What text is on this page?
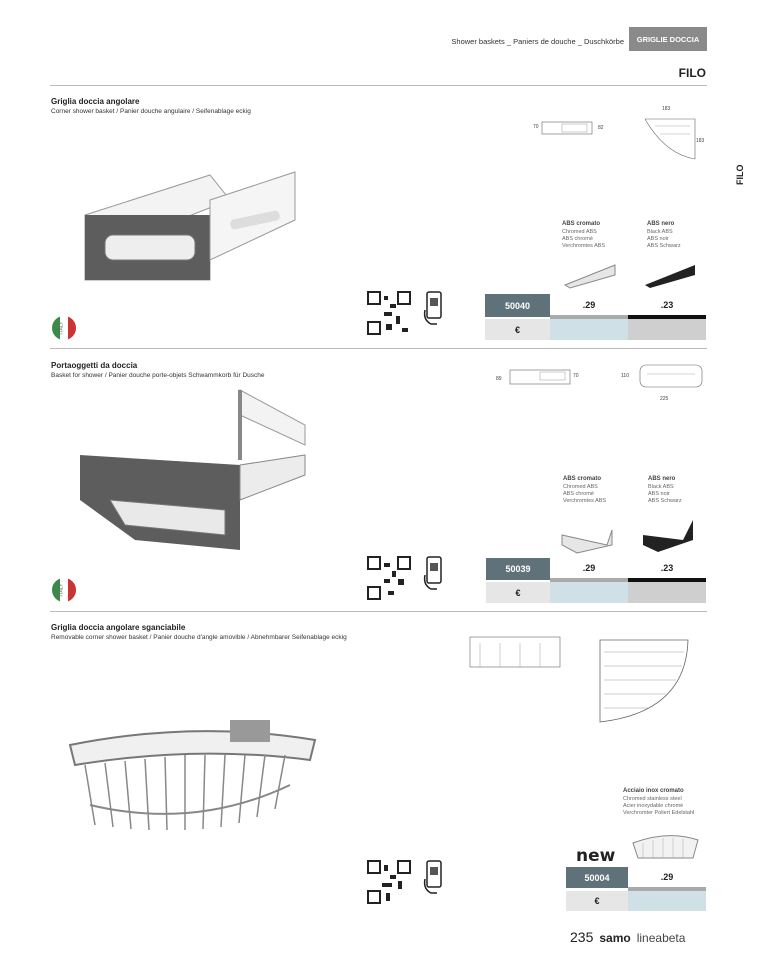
Shower baskets _ Paniers de douche _ Duschkörbe	GRIGLIE DOCCIA
FILO
FILO
Griglia doccia angolare
Corner shower basket / Panier douche angulaire / Seifenablage eckig
70	82
183
183
ABS cromato
Chromed ABS
ABS chromé
Verchromtes ABS
ABS nero
Black ABS
ABS noir
ABS Schwarz
50040	.29	.23
€
ITALY
Portaoggetti da doccia
Basket for shower / Panier douche porte-objets Schwammkorb für Dusche	89	70	110
225
ABS cromato
Chromed ABS
ABS chromé
Verchromtes ABS
ABS nero
Black ABS
ABS noir
ABS Schwarz
50039	.29	.23
€
ITALY
Griglia doccia angolare sganciabile
Removable corner shower basket / Panier douche d'angle amovible / Abnehmbarer Seifenablage eckig
Acciaio inox cromato
Chromed stainless steel
Acier inoxydable chromé
Verchromter Poliert Edelstahl
new
50004	.29
€
235 samo lineabeta
